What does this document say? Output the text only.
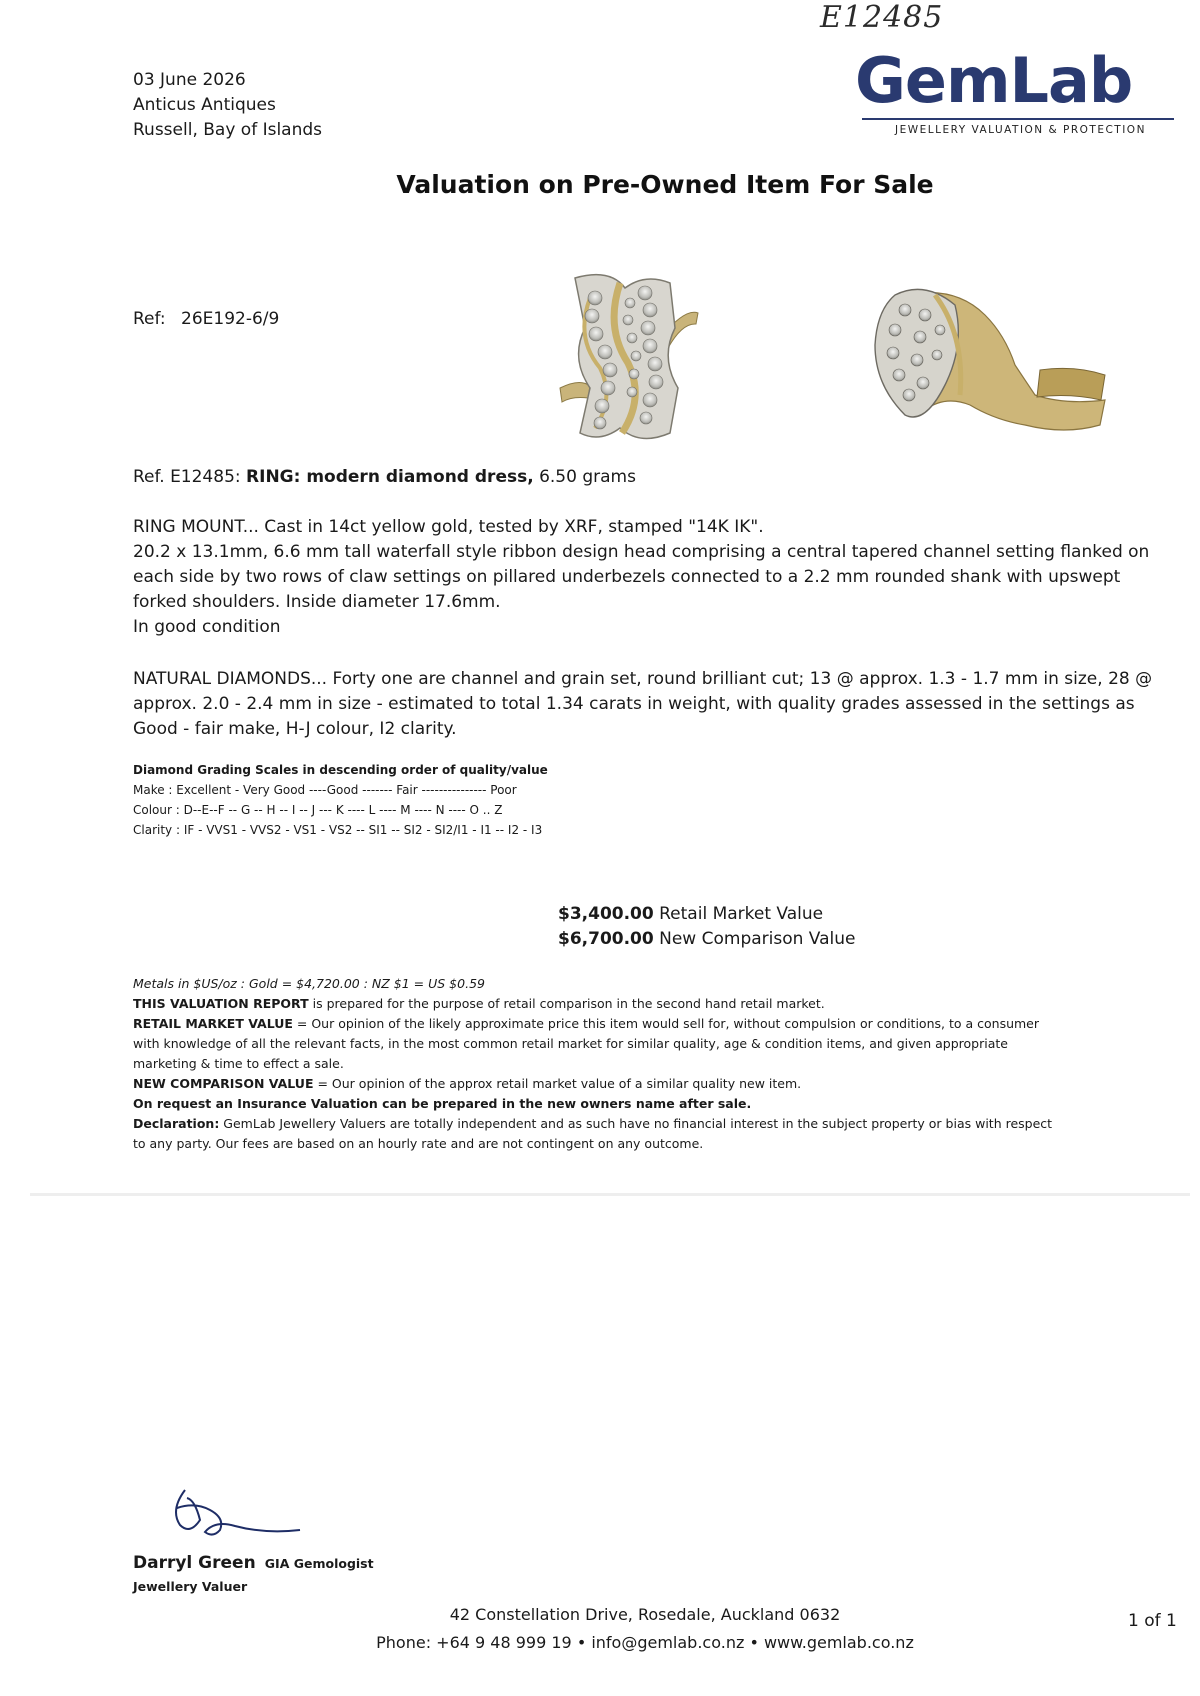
E12485
03 June 2026
Anticus Antiques
Russell, Bay of Islands
GemLab
JEWELLERY VALUATION & PROTECTION
Valuation on Pre-Owned Item For Sale
Ref: 26E192-6/9
Ref. E12485: RING: modern diamond dress, 6.50 grams
RING MOUNT... Cast in 14ct yellow gold, tested by XRF, stamped "14K IK".
20.2 x 13.1mm, 6.6 mm tall waterfall style ribbon design head comprising a central tapered channel setting flanked on
each side by two rows of claw settings on pillared underbezels connected to a 2.2 mm rounded shank with upswept
forked shoulders. Inside diameter 17.6mm.
In good condition
NATURAL DIAMONDS... Forty one are channel and grain set, round brilliant cut; 13 @ approx. 1.3 - 1.7 mm in size, 28 @
approx. 2.0 - 2.4 mm in size - estimated to total 1.34 carats in weight, with quality grades assessed in the settings as
Good - fair make, H-J colour, I2 clarity.
Diamond Grading Scales in descending order of quality/value
Make : Excellent - Very Good ----Good ------- Fair --------------- Poor
Colour : D--E--F -- G -- H -- I -- J --- K ---- L ---- M ---- N ---- O .. Z
Clarity : IF - VVS1 - VVS2 - VS1 - VS2 -- SI1 -- SI2 - SI2/I1 - I1 -- I2 - I3
$3,400.00 Retail Market Value
$6,700.00 New Comparison Value
Metals in $US/oz : Gold = $4,720.00 : NZ $1 = US $0.59
THIS VALUATION REPORT is prepared for the purpose of retail comparison in the second hand retail market.
RETAIL MARKET VALUE = Our opinion of the likely approximate price this item would sell for, without compulsion or conditions, to a consumer
with knowledge of all the relevant facts, in the most common retail market for similar quality, age & condition items, and given appropriate
marketing & time to effect a sale.
NEW COMPARISON VALUE = Our opinion of the approx retail market value of a similar quality new item.
On request an Insurance Valuation can be prepared in the new owners name after sale.
Declaration: GemLab Jewellery Valuers are totally independent and as such have no financial interest in the subject property or bias with respect
to any party. Our fees are based on an hourly rate and are not contingent on any outcome.
Darryl Green GIA Gemologist
Jewellery Valuer
42 Constellation Drive, Rosedale, Auckland 0632
Phone: +64 9 48 999 19 • info@gemlab.co.nz • www.gemlab.co.nz
1 of 1
